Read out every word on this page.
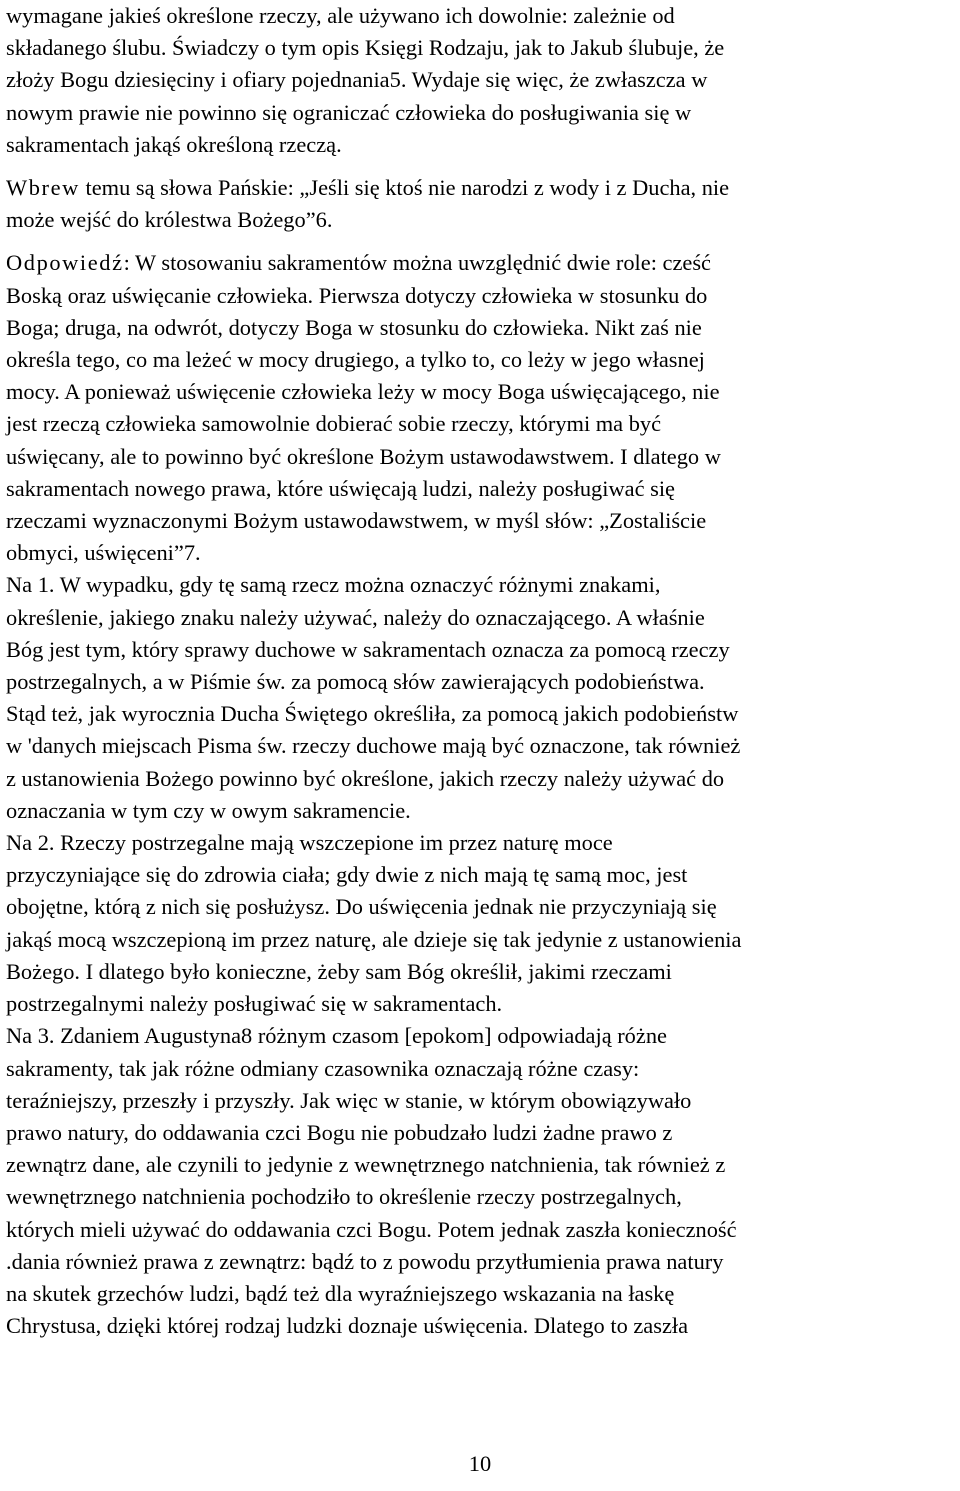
wymagane jakieś określone rzeczy, ale używano ich dowolnie: zależnie od
składanego ślubu. Świadczy o tym opis Księgi Rodzaju, jak to Jakub ślubuje, że
złoży Bogu dziesięciny i ofiary pojednania5. Wydaje się więc, że zwłaszcza w
nowym prawie nie powinno się ograniczać człowieka do posługiwania się w
sakramentach jakąś określoną rzeczą.

Wbrew temu są słowa Pańskie: „Jeśli się ktoś nie narodzi z wody i z Ducha, nie
może wejść do królestwa Bożego”6.

Odpowiedź: W stosowaniu sakramentów można uwzględnić dwie role: cześć
Boską oraz uświęcanie człowieka. Pierwsza dotyczy człowieka w stosunku do
Boga; druga, na odwrót, dotyczy Boga w stosunku do człowieka. Nikt zaś nie
określa tego, co ma leżeć w mocy drugiego, a tylko to, co leży w jego własnej
mocy. A ponieważ uświęcenie człowieka leży w mocy Boga uświęcającego, nie
jest rzeczą człowieka samowolnie dobierać sobie rzeczy, którymi ma być
uświęcany, ale to powinno być określone Bożym ustawodawstwem. I dlatego w
sakramentach nowego prawa, które uświęcają ludzi, należy posługiwać się
rzeczami wyznaczonymi Bożym ustawodawstwem, w myśl słów: „Zostaliście
obmyci, uświęceni”7.

Na 1. W wypadku, gdy tę samą rzecz można oznaczyć różnymi znakami,
określenie, jakiego znaku należy używać, należy do oznaczającego. A właśnie
Bóg jest tym, który sprawy duchowe w sakramentach oznacza za pomocą rzeczy
postrzegalnych, a w Piśmie św. za pomocą słów zawierających podobieństwa.
Stąd też, jak wyrocznia Ducha Świętego określiła, za pomocą jakich podobieństw
w 'danych miejscach Pisma św. rzeczy duchowe mają być oznaczone, tak również
z ustanowienia Bożego powinno być określone, jakich rzeczy należy używać do
oznaczania w tym czy w owym sakramencie.

Na 2. Rzeczy postrzegalne mają wszczepione im przez naturę moce
przyczyniające się do zdrowia ciała; gdy dwie z nich mają tę samą moc, jest
obojętne, którą z nich się posłużysz. Do uświęcenia jednak nie przyczyniają się
jakąś mocą wszczepioną im przez naturę, ale dzieje się tak jedynie z ustanowienia
Bożego. I dlatego było konieczne, żeby sam Bóg określił, jakimi rzeczami
postrzegalnymi należy posługiwać się w sakramentach.

Na 3. Zdaniem Augustyna8 różnym czasom [epokom] odpowiadają różne
sakramenty, tak jak różne odmiany czasownika oznaczają różne czasy:
teraźniejszy, przeszły i przyszły. Jak więc w stanie, w którym obowiązywało
prawo natury, do oddawania czci Bogu nie pobudzało ludzi żadne prawo z
zewnątrz dane, ale czynili to jedynie z wewnętrznego natchnienia, tak również z
wewnętrznego natchnienia pochodziło to określenie rzeczy postrzegalnych,
których mieli używać do oddawania czci Bogu. Potem jednak zaszła konieczność
.dania również prawa z zewnątrz: bądź to z powodu przytłumienia prawa natury
na skutek grzechów ludzi, bądź też dla wyraźniejszego wskazania na łaskę
Chrystusa, dzięki której rodzaj ludzki doznaje uświęcenia. Dlatego to zaszła

10
